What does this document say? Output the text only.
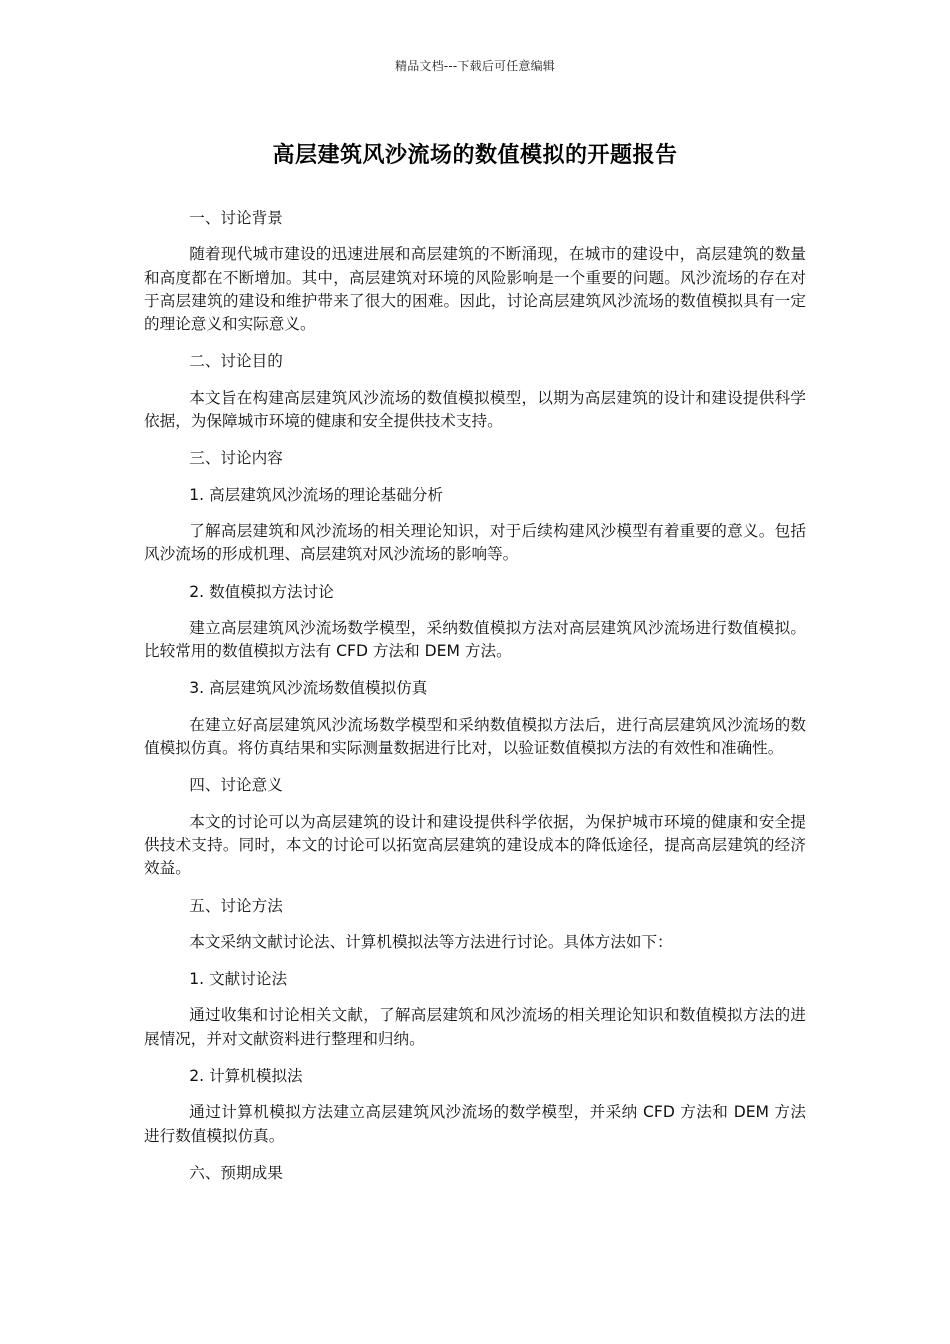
精品文档---下载后可任意编辑
高层建筑风沙流场的数值模拟的开题报告

一、讨论背景

随着现代城市建设的迅速进展和高层建筑的不断涌现，在城市的建设中，高层建筑的数量和高度都在不断增加。其中，高层建筑对环境的风险影响是一个重要的问题。风沙流场的存在对于高层建筑的建设和维护带来了很大的困难。因此，讨论高层建筑风沙流场的数值模拟具有一定的理论意义和实际意义。

二、讨论目的

本文旨在构建高层建筑风沙流场的数值模拟模型，以期为高层建筑的设计和建设提供科学依据，为保障城市环境的健康和安全提供技术支持。

三、讨论内容

1. 高层建筑风沙流场的理论基础分析

了解高层建筑和风沙流场的相关理论知识，对于后续构建风沙模型有着重要的意义。包括风沙流场的形成机理、高层建筑对风沙流场的影响等。

2. 数值模拟方法讨论

建立高层建筑风沙流场数学模型，采纳数值模拟方法对高层建筑风沙流场进行数值模拟。比较常用的数值模拟方法有 CFD 方法和 DEM 方法。

3. 高层建筑风沙流场数值模拟仿真

在建立好高层建筑风沙流场数学模型和采纳数值模拟方法后，进行高层建筑风沙流场的数值模拟仿真。将仿真结果和实际测量数据进行比对，以验证数值模拟方法的有效性和准确性。

四、讨论意义

本文的讨论可以为高层建筑的设计和建设提供科学依据，为保护城市环境的健康和安全提供技术支持。同时，本文的讨论可以拓宽高层建筑的建设成本的降低途径，提高高层建筑的经济效益。

五、讨论方法

本文采纳文献讨论法、计算机模拟法等方法进行讨论。具体方法如下：

1. 文献讨论法

通过收集和讨论相关文献，了解高层建筑和风沙流场的相关理论知识和数值模拟方法的进展情况，并对文献资料进行整理和归纳。

2. 计算机模拟法

通过计算机模拟方法建立高层建筑风沙流场的数学模型，并采纳 CFD 方法和 DEM 方法进行数值模拟仿真。

六、预期成果
